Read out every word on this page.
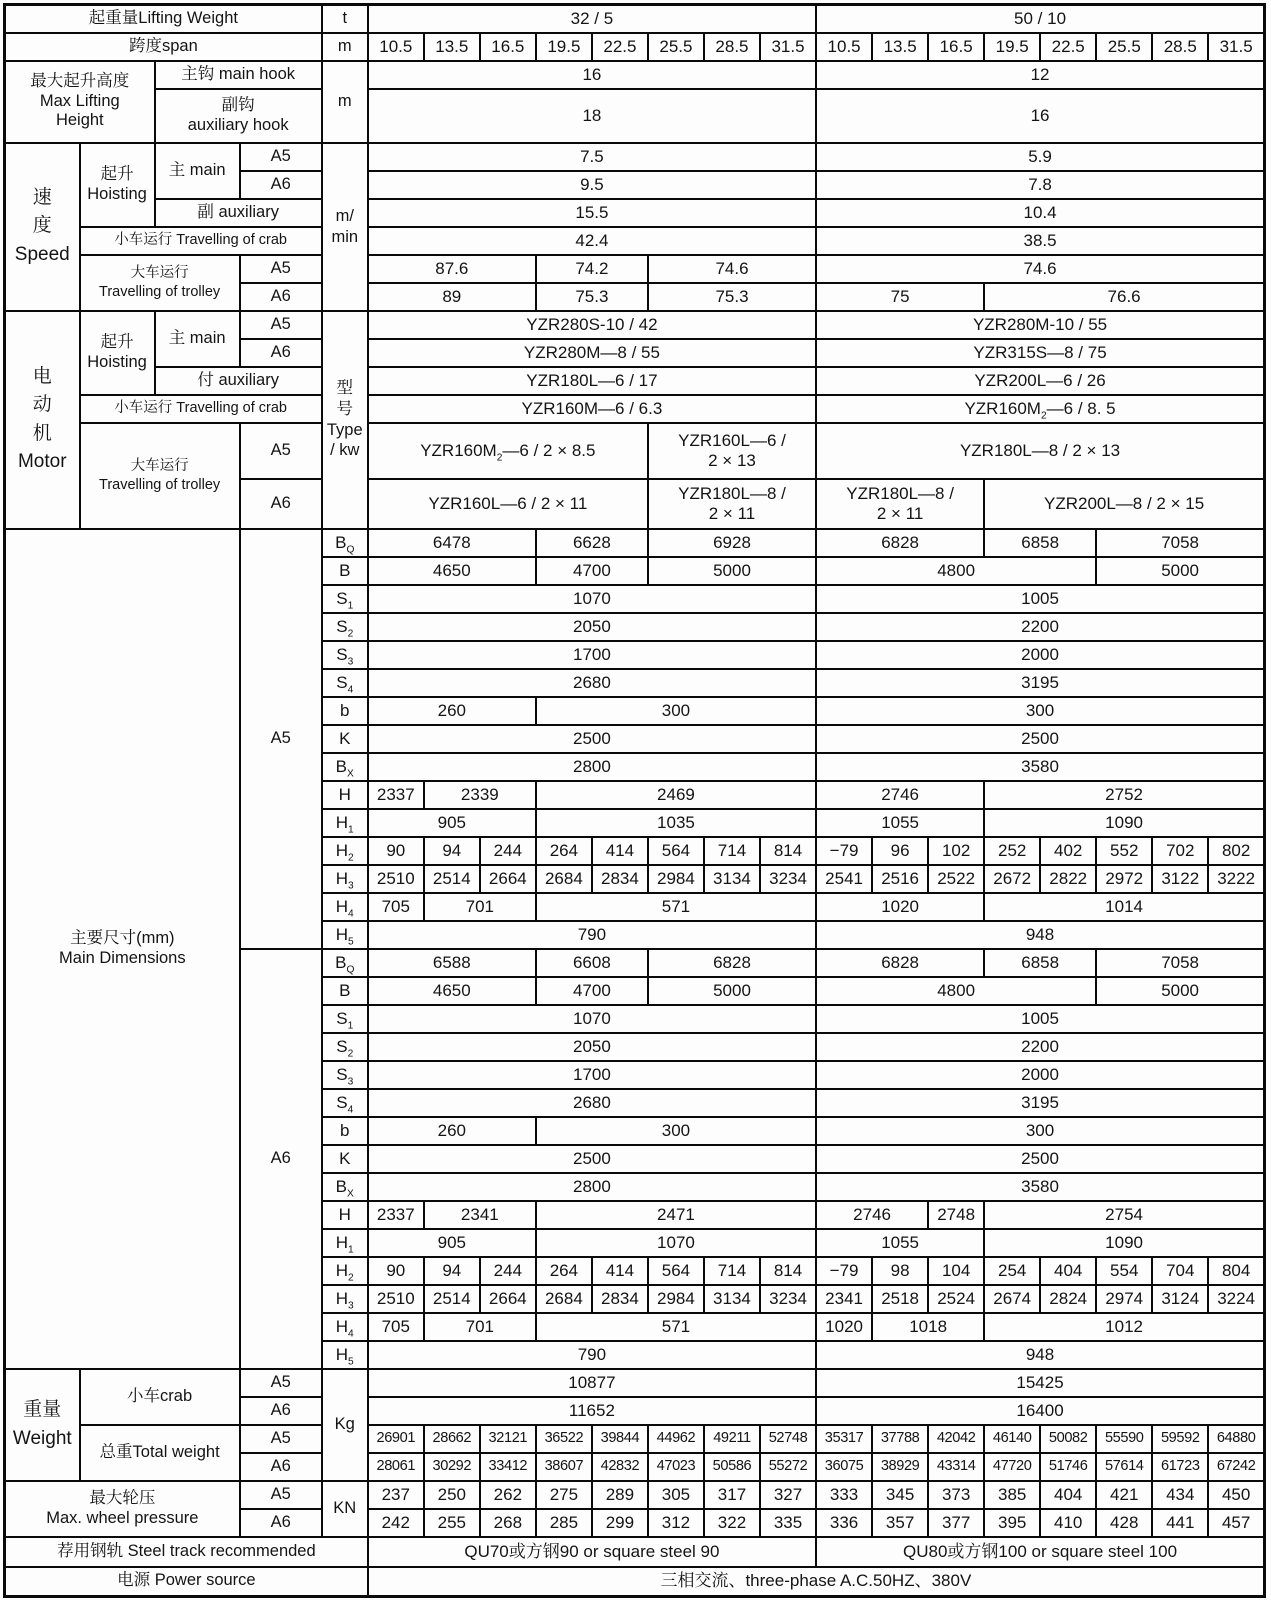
起重量Lifting Weight				t	32 / 5								50 / 10							
跨度span				m	10.5	13.5	16.5	19.5	22.5	25.5	28.5	31.5	10.5	13.5	16.5	19.5	22.5	25.5	28.5	31.5
最大起升高度
Max Lifting
Height		主钩 main hook		m	16								12							
		副钩
auxiliary hook			18								16							
速
度
Speed	起升
Hoisting	主 main	A5	m/
min	7.5								5.9							
			A6		9.5								7.8							
		副 auxiliary			15.5								10.4							
	小车运行 Travelling of crab				42.4								38.5							
	大车运行
Travelling of trolley		A5		87.6			74.2		74.6			74.6							
			A6		89			75.3		75.3			75			76.6				
电
动
机
Motor	起升
Hoisting	主 main	A5	型
号
Type
/ kw	YZR280S-10 / 42								YZR280M-10 / 55							
			A6		YZR280M—8 / 55								YZR315S—8 / 75							
		付 auxiliary			YZR180L—6 / 17								YZR200L—6 / 26							
	小车运行 Travelling of crab				YZR160M—6 / 6.3								$YZR160M_2—6 / 8$. 5							
	大车运行
Travelling of trolley		A5		$YZR160M_2—6 / 2 \times 8.5$					YZR160L—6 /
2 × 13			YZR180L—8 / 2 × 13							
			A6		YZR160L—6 / 2 × 11					YZR180L—8 /
2 × 11			YZR180L—8 /
2 × 11			YZR200L—8 / 2 × 15				
主要尺寸(mm)
Main Dimensions			A5	$B_Q$	6478			6628		6928			6828			6858		7058		
				B	4650			4700		5000			4800					5000		
				$S_1$	1070								1005							
				$S_2$	2050								2200							
				$S_3$	1700								2000							
				$S_4$	2680								3195							
				b	260			300					300							
				K	2500								2500							
				$B_X$	2800								3580							
				H	2337	2339		2469					2746			2752				
				$H_1$	905			1035					1055			1090				
				$H_2$	90	94	244	264	414	564	714	814	−79	96	102	252	402	552	702	802
				$H_3$	2510	2514	2664	2684	2834	2984	3134	3234	2541	2516	2522	2672	2822	2972	3122	3222
				$H_4$	705	701		571					1020			1014				
				$H_5$	790								948							
			A6	$B_Q$	6588			6608		6828			6828			6858		7058		
				B	4650			4700		5000			4800					5000		
				$S_1$	1070								1005							
				$S_2$	2050								2200							
				$S_3$	1700								2000							
				$S_4$	2680								3195							
				b	260			300					300							
				K	2500								2500							
				$B_X$	2800								3580							
				H	2337	2341		2471					2746		2748	2754				
				$H_1$	905			1070					1055			1090				
				$H_2$	90	94	244	264	414	564	714	814	−79	98	104	254	404	554	704	804
				$H_3$	2510	2514	2664	2684	2834	2984	3134	3234	2341	2518	2524	2674	2824	2974	3124	3224
				$H_4$	705	701		571					1020	1018		1012				
				$H_5$	790								948							
重量
Weight	小车crab		A5	Kg	10877								15425							
			A6		11652								16400							
	总重Total weight		A5		26901	28662	32121	36522	39844	44962	49211	52748	35317	37788	42042	46140	50082	55590	59592	64880
			A6		28061	30292	33412	38607	42832	47023	50586	55272	36075	38929	43314	47720	51746	57614	61723	67242
最大轮压
Max. wheel pressure			A5	KN	237	250	262	275	289	305	317	327	333	345	373	385	404	421	434	450
			A6		242	255	268	285	299	312	322	335	336	357	377	395	410	428	441	457
荐用钢轨 Steel track recommended					QU70或方钢90 or square steel 90								QU80或方钢100 or square steel 100							
电源 Power source					三相交流、three-phase A.C.50HZ、380V															
